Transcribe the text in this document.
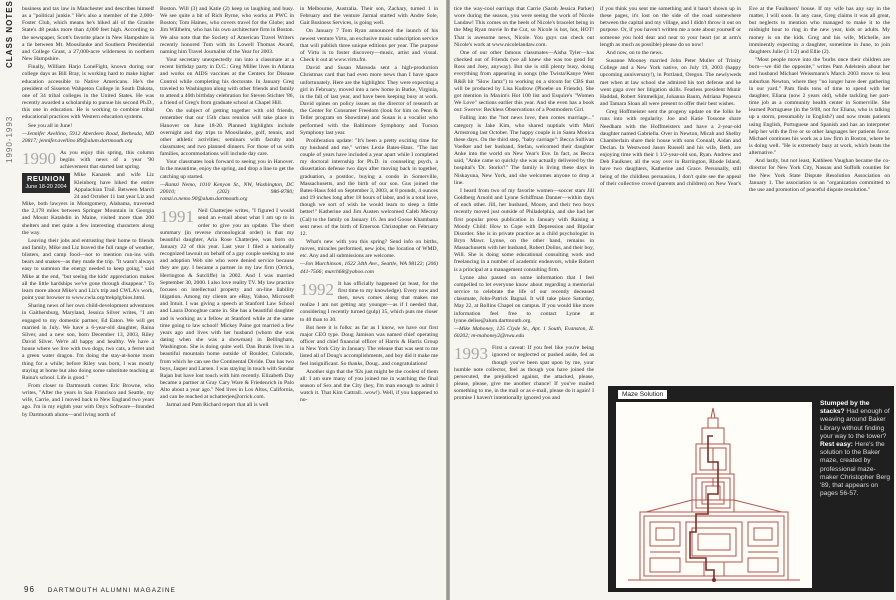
1990-1993
CLASS NOTES business and tax law in Manchester and describes himself as a "political junkie." He's also a member of the 2,000-Foster Club, which means he's hiked all of the Granite State's 48 peaks more than 4,000 feet high. According to the newspaper, Scott's favorite place in New Hampshire is a tie between Mt. Moosilauke and Southern Presidential and College Grant, a 27,000-acre wilderness in northern New Hampshire.

Finally, William Harjo LoneFight, known during our college days as Bill Bray, is working hard to make higher education accessible to Native Americans. He's the president of Sisseton Wahpeton College in South Dakota, one of 34 tribal colleges in the United States. He was recently awarded a scholarship to pursue his second Ph.D., this one in education. He is working to combine tribal educational practices with Western education systems.

See you all in June!

—Jennifer Avellino, 5912 Aberdeen Road, Bethesda, MD 20817; jennifer.avellino.89@alum.dartmouth.org

1990 As you enjoy this spring, this column begins with news of a year '90 achievement that started last spring.

REUNION
June 18-20 2004

Mike Kanarek and wife Liz Kleinberg have hiked the entire Appalachian Trail. Between March 24 and October 11 last year Liz and Mike, both lawyers in Montgomery, Alabama, traversed the 2,178 miles between Springer Mountain in Georgia and Mount Katahdin in Maine, visited more than 200 shelters and met quite a few interesting characters along the way.

Leaving their jobs and entrusting their home to friends and family, Mike and Liz braved the full range of weather, blisters, and camp food—not to mention run-ins with bears and snakes—as they made the trip. "It wasn't always easy to summon the energy needed to keep going," said Mike at the end, "but seeing the kids' appreciation makes all the little hardships we've gone through disappear." To learn more about Mike's and Liz's trip and CWLA's work, point your browser to www.cwla.org/trekplg/bios.html.

Sharing news of her own child-development adventures in Gaithersburg, Maryland, Jessica Silver writes, "I am engaged to my domestic partner, Ed Eaton. We will get married in July. We have a 6-year-old daughter, Raina Silver, and a new son, born December 13, 2003, Riley David Silver. We're all happy and healthy. We have a house where we live with two dogs, two cats, a ferret and a green water dragon. I'm doing the stay-at-home mom thing for a while; before Riley was born, I was mostly staying at home but also doing some substitute teaching at Raina's school. Life is good."

From closer to Dartmouth comes Eric Browne, who writes, "After the years in San Francisco and Seattle, my wife, Carrie, and I moved back to New England two years ago. I'm in my eighth year with Onyx Software—founded by Dartmouth alums—and living north of

Boston. Will (3) and Katie (2) keep us laughing and busy. We see quite a bit of Rich Byrne, who works at PWC in Boston; Tom Haines, who covers travel for the Globe; and Jim Willhelm, who has his own architecture firm in Boston. We also note that the Society of American Travel Writers recently honored Tom with its Lowell Thomas Award, naming him Travel Journalist of the Year for 2003.

Your secretary unexpectedly ran into a classmate at a recent birthday party in D.C.: Greg Miller lives in Atlanta and works on AIDS vaccines at the Centers for Disease Control while completing his doctorate. In January Greg traveled to Washington along with other friends and family to attend a 40th birthday celebration for Steven Stichter '86, a friend of Greg's from graduate school at Chapel Hill.

On the subject of getting together with old friends, remember that our 15th class reunion will take place in Hanover on June 18-20. Planned highlights include overnight and day trips to Moosilauke, golf, tennis, and other athletic activities; seminars with faculty and classmates; and two planned dinners. For those of us with families, accommodations will include day care.

Your classmates look forward to seeing you in Hanover. In the meantime, enjoy the spring, and drop a line to get the catching up started.

—Ramzi Nemo, 1010 Kenyon St., NW, Washington, DC 20010; (202) 986-8780; ramzi.n.nemo.90@alum.dartmouth.org

1991 Neil Chatterjee writes, "I figured I would send an e-mail about what I am up to in order to give you an update. The short summary (in reverse chronological order) is that my beautiful daughter, Aria Rose Chatterjee, was born on January 22 of this year. Last year I filed a nationally recognized lawsuit on behalf of a gay couple seeking to use and adoption Web site who were denied service because they are gay. I became a partner in my law firm (Orrick, Herrington & Sutcliffe) in 2002. And I was married September 30, 2000. I also love reality TV. My law practice focuses on intellectual property and on-line liability litigation. Among my clients are eBay, Yahoo, Microsoft and Intuit. I was giving a speech at Stanford Law School and Laura Donoghue came in. She has a beautiful daughter and is working as a fellow at Stanford while at the same time going to law school! Mickey Paine got married a few years ago and lives with her husband (whom she was dating when she was a showman) in Bellingham, Washington. She is doing quite well. Dan Burak lives in a beautiful mountain home outside of Boulder, Colorado, from which he can see the Continental Divide. Dan has two boys, Jasper and Larsen. I was staying in touch with Sundar Rajan but have lost touch with him recently. Elizabeth Day became a partner at Gray Cary Ware & Friedenrich in Palo Alto about a year ago." Ned lives in Los Altos, California, and can be reached at nchatterjee@orrick.com.

Jarmal and Pam Richard report that all is well

in Melbourne, Australia. Their son, Zachary, turned 1 in February and the venture Jarmal started with Andre Sole, Gait Business Services, is going well.

On January 7 Tom Ryan announced the launch of his newest venture Virtu, an exclusive music subscription service that will publish three unique editions per year. The purpose of Virtu is to foster discovery—music, artist and visual. Check it out at www.virtu.fm.

David and Susan Marsoda sent a high-production Christmas card that had even more news than I have space unfortunately. Here are the highlights: They were expecting a girl in February, moved into a new home in Burke, Virginia, in the fall of last year, and have been keeping busy at work. David opines on policy issues as the director of research at the Center for Consumer Freedom (look for him on Penn & Teller program on Showtime) and Susan is a vocalist who performed with the Baltimore Symphony and Tucson Symphony last year.

Proliferation update: "It's been a pretty exciting time for my husband and me," writes Lexie Bates-Haus. "The last couple of years have included a year apart while I completed my doctoral internship for Ph.D. in counseling psych, a dissertation defense two days after moving back in together, graduation, a postdoc, buying a condo in Somerville, Massachusetts, and the birth of our son. Gus joined the Bates-Haus fold on September 3, 2003, at 8 pounds, 4 ounces and 19 inches long after 18 hours of labor, and is a total love, though we sort of wish he would learn to sleep a little better!" Katherine and Jim Austen welcomed Caleb Mecray (Cal) to the family on January 16. Jen and Goose Khambatta sent news of the birth of Emerson Christopher on February 12.

What's new with you this spring? Send info on births, moves, miracles performed, new jobs, the location of WMD, etc. Any and all submissions are welcome.

—Jon Murchinson, 1622 34th Ave., Seattle, WA 98122; (206) 441-7566; murch68@yahoo.com

1992 It has officially happened (at least, for the first time to my knowledge). Every now and then, news comes along that makes me realize I am not getting any younger—as if I needed that, considering I recently turned (gulp) 35, which puts me closer to 40 than to 30.

But here it is folks: as far as I know, we have our first major CEO type. Doug Jamison was named chief operating officer and chief financial officer of Harris & Harris Group in New York City in January. The release that was sent to me listed all of Doug's accomplishments, and boy did it make me feel insignificant. So thanks, Doug...and congratulations!

Another sign that the '92s just might be the coolest of them all: I am sure many of you joined me in watching the final season of Sex and the City (hey, I'm man enough to admit I watch it. That Kim Cattrall...wow!). Well, if you happened to no-

96 DARTMOUTH ALUMNI MAGAZINE

tice the way-cool earrings that Carrie (Sarah Jessica Parker) wore during the season, you were seeing the work of Nicole Landaw! This comes on the heels of Nicole's bracelet being in the Meg Ryan movie In the Cut, so Nicole is hot, hot, HOT! That is awesome news, Nicole. You guys can check out Nicole's work at www.nicolelandaw.com.

One of our other famous classmates—Aisha Tyler—has checked out of Friends (we all knew she was too good for Ross and Joey, anyway). But she is still plenty busy, doing everything from appearing in songs (the Twista/Kanye West R&B hit "Slow Jamz") to working on a sitcom for CBS that will be produced by Lisa Kudrow (Phoebe on Friends). She got mention in Maxim's Hot 100 list and Esquire's "Women We Love" sections earlier this year. And she even has a book out: Swerve: Reckless Observations of a Postmodern Girl.

Falling into the "hot news love, then comes marriage..." category is Jake Kim, who shared nuptials with Mari Armstrong last October. The happy couple is in Santa Monica these days. On the third step, "baby carriage": Becca Sullivan Voelker and her husband, Stefan, welcomed their daughter Anke into the world on New Year's Eve. In fact, as Becca said, "Anke came so quickly she was actually delivered by the hospital's 'Dr. Storks'!" The family is living these days in Niskayuna, New York, and she welcomes anyone to drop a line.

I heard from two of my favorite women—soccer stars Jill Goldberg Arnold and Lynne Schiffman Danner—within days of each other. Jill, her husband, Moore, and their two boys recently moved just outside of Philadelphia, and she had her first popular press publication in January with Raising a Moody Child: How to Cope with Depression and Bipolar Disorder. She is in private practice as a child psychologist in Bryn Mawr. Lynne, on the other hand, remains in Massachusetts with her husband, Robert Dolins, and their boy, Will. She is doing some educational consulting work and freelancing in a number of academic endeavors, while Robert is a principal at a management consulting firm.

Lynne also passed on some information that I feel compelled to let everyone know about regarding a memorial service to celebrate the life of our recently deceased classmate, John-Patrick Bagnal. It will take place Saturday, May 22, at Rollins Chapel on campus. If you would like more information feel free to contact Lynne at lynne.delise@alum.dartmouth.org.

—Mike Mahoney, 125 Clyde St., Apt. 1 South, Evanston, IL 60202; m-mahoney2@nwu.edu

1993 First a caveat: If you feel like you're being ignored or neglected or pushed aside, fed as though you've been spat upon by me, your humble note collector, feel as though you have joined the persecuted, the prejudiced against, the attacked, please, please, please, give me another chance! If you've mailed something to me, in the mail or as e-mail, please do it again! I promise I haven't intentionally ignored you and

if you think you sent me something and it hasn't shown up in these pages, it's lost on the side of the road somewhere between the capital and my village, and I didn't throw it out on purpose. Or, if you haven't written me a note about yourself or someone you hold dear and near to your heart (or at arm's length as much as possible) please do so now!

And now, on to the news.

Susanne Mooney married John Peter Muller of Trinity College and a New York native, on July 19, 2003 (happy upcoming anniversary!), in Portland, Oregon. The newlyweds met when at law school she admired his tort defense and he went gaga over her litigation skills. Fearless president Munir Haddad, Robert Simmelkjar, Johanna Baum, Adriana Popescu and Tamara Sloan all were present to offer their best wishes.

Greg Hoffmeister sent the progeny update on the folks he runs into with regularity. Joe and Katie Tossone share Needham with the Hoffmeisters and have a 2-year-old daughter named Gabriella. Over in Newton, Micah and Shelby Chamberlain share their house with sons Connall, Aidan and Declan. In Westwood Jason Russell and his wife, Beth, are enjoying time with their 1 1/2-year-old son, Ryan. Andrew and Deb Faulkner, all the way over in Barrington, Rhode Island, have two daughters, Katherine and Grace. Personally, still being of the childless persuasion, I don't quite see the appeal of their collective crowd (parents and children) on New Year's Eve at the Faulkners' house. If my wife has any say in the matter, I will soon. In any case, Greg claims it was all great, but neglects to mention who managed to make it to the midnight hour to ring in the new year, kids or adults. My money is on the kids. Greg and his wife, Michelle, are imminently expecting a daughter, sometime in June, to join daughters Julie (3 1/2) and Ellie (2).

"Most people move into the 'burbs once their children are born—we did the opposite," writes Pam Adelstein about her and husband Michael Weissmann's March 2003 move to less suburban Newton, where they "no longer have deer gathering in our yard." Pam finds tons of time to spend with her daughter, Eliana (now 2 years old), while tackling her part-time job as a community health center in Somerville. She learned Portuguese (in the 9/08, not for Eliana, who is talking up a storm, presumably in English?) and now treats patients using English, Portuguese and Spanish and has an interpreter help her with the five or so other languages her patients favor. Michael continues his work as a law firm in Boston, where he is doing well. "He is extremely busy at work, which beats the alternative."

And lastly, but not least, Kathleen Vaughan became the co-director for New York City, Nassau and Suffolk counties for the New York State Dispute Resolution Association on January 1. The association is an "organization committed to the use and promotion of peaceful dispute resolution."

Maze Solution
Stumped by the stacks? Had enough of weaving around Baker Library without finding your way to the tower?
Rest easy: Here's the solution to the Baker maze, created by professional maze-maker Christopher Berg '89, that appears on pages 56-57.
